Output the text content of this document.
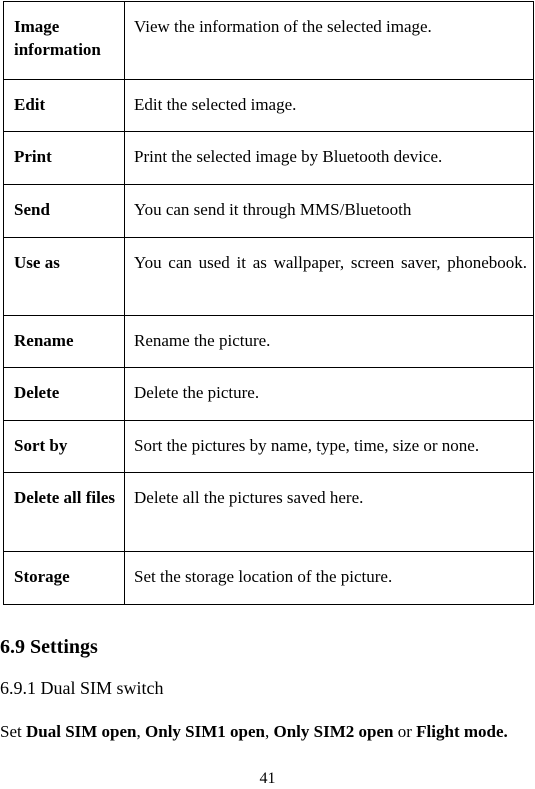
Image information	View the information of the selected image.
Edit	Edit the selected image.
Print	Print the selected image by Bluetooth device.
Send	You can send it through MMS/Bluetooth
Use as	You can used it as wallpaper, screen saver, phonebook.
Rename	Rename the picture.
Delete	Delete the picture.
Sort by	Sort the pictures by name, type, time, size or none.
Delete all files	Delete all the pictures saved here.
Storage	Set the storage location of the picture.
6.9 Settings
6.9.1 Dual SIM switch
Set Dual SIM open, Only SIM1 open, Only SIM2 open or Flight mode.
41
